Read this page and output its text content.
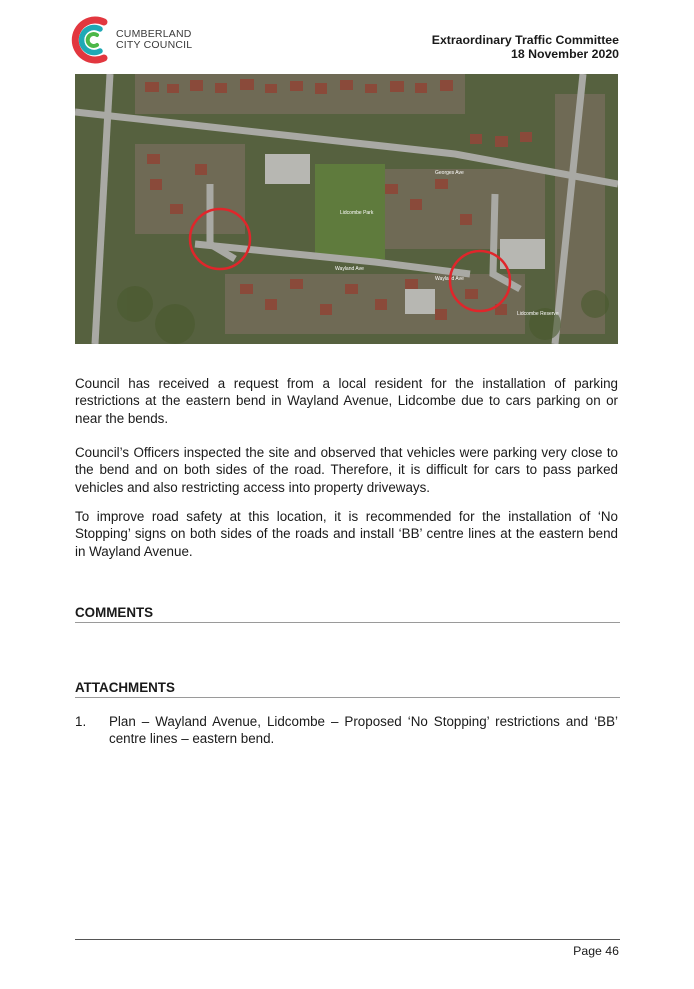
CUMBERLAND
CITY COUNCIL	Extraordinary Traffic Committee
18 November 2020
Lidcombe Park
Lidcombe Reserve
Wayland Ave
Wayland Ave
Georges Ave

Council has received a request from a local resident for the installation of parking restrictions at the eastern bend in Wayland Avenue, Lidcombe due to cars parking on or near the bends.

Council’s Officers inspected the site and observed that vehicles were parking very close to the bend and on both sides of the road. Therefore, it is difficult for cars to pass parked vehicles and also restricting access into property driveways.

To improve road safety at this location, it is recommended for the installation of ‘No Stopping’ signs on both sides of the roads and install ‘BB’ centre lines at the eastern bend in Wayland Avenue.

COMMENTS
ATTACHMENTS
1. Plan – Wayland Avenue, Lidcombe – Proposed ‘No Stopping’ restrictions and ‘BB’ centre lines – eastern bend.
Page 46
